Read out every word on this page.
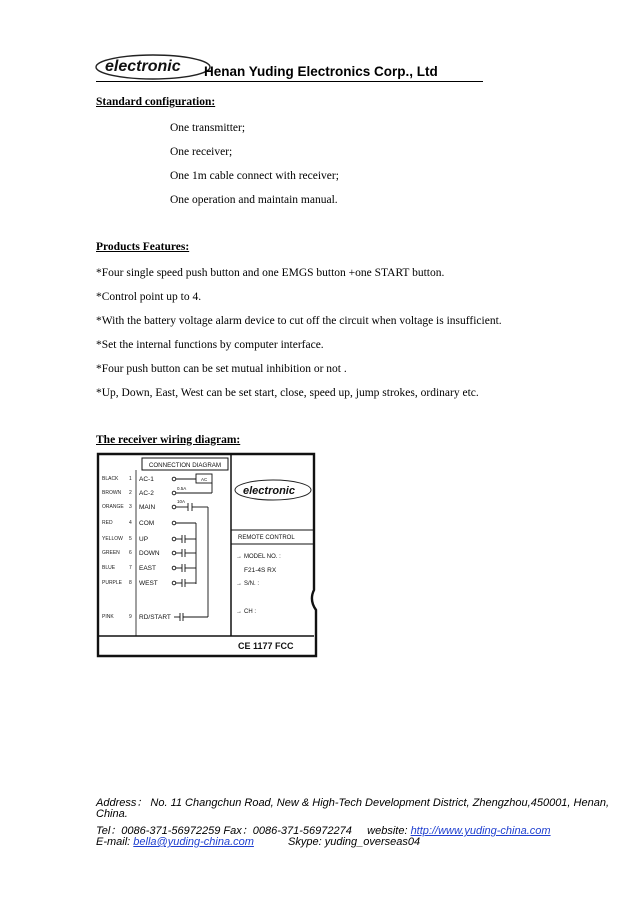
electronic Henan Yuding Electronics Corp., Ltd
Standard configuration:
One transmitter;
One receiver;
One 1m cable connect with receiver;
One operation and maintain manual.
Products Features:
*Four single speed push button and one EMGS button +one START button.
*Control point up to 4.
*With the battery voltage alarm device to cut off the circuit when voltage is insufficient.
*Set the internal functions by computer interface.
*Four push button can be set mutual inhibition or not .
*Up, Down, East, West can be set start, close, speed up, jump strokes, ordinary etc.
The receiver wiring diagram:
CONNECTION DIAGRAM
BLACK
BROWN
ORANGE
RED
YELLOW
GREEN
BLUE
PURPLE
PINK
1
2
3
4
5
6
7
8
9
AC-1
AC-2
MAIN
COM
UP
DOWN
EAST
WEST
RD/START
0.5A
10A
AC
electronic
REMOTE CONTROL
→ MODEL NO. :
F21-4S RX
→ S/N. :
→ CH :
CE 1177 FCC
Address： No. 11 Changchun Road, New & High-Tech Development District, Zhengzhou,450001, Henan,
China.
Tel：0086-371-56972259 Fax：0086-371-56972274 website: http://www.yuding-china.com
E-mail: bella@yuding-china.com	Skype: yuding_overseas04
